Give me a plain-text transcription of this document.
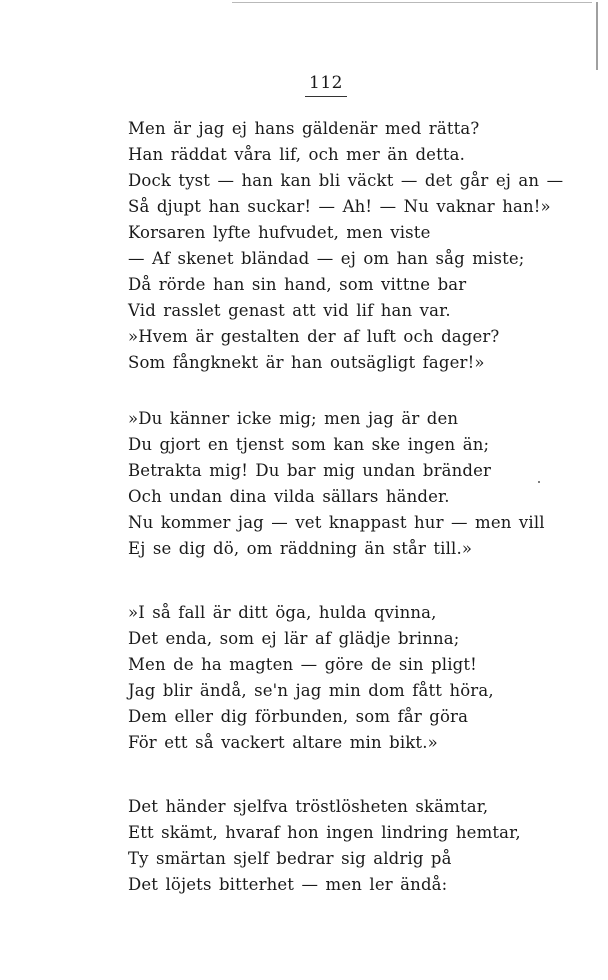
112
Men är jag ej hans gäldenär med rätta?
Han räddat våra lif, och mer än detta.
Dock tyst — han kan bli väckt — det går ej an —
Så djupt han suckar! — Ah! — Nu vaknar han!»
Korsaren lyfte hufvudet, men viste
— Af skenet bländad — ej om han såg miste;
Då rörde han sin hand, som vittne bar
Vid rasslet genast att vid lif han var.
»Hvem är gestalten der af luft och dager?
Som fångknekt är han outsägligt fager!»
»Du känner icke mig; men jag är den
Du gjort en tjenst som kan ske ingen än;
Betrakta mig! Du bar mig undan bränder
Och undan dina vilda sällars händer.
Nu kommer jag — vet knappast hur — men vill
Ej se dig dö, om räddning än står till.»
»I så fall är ditt öga, hulda qvinna,
Det enda, som ej lär af glädje brinna;
Men de ha magten — göre de sin pligt!
Jag blir ändå, se'n jag min dom fått höra,
Dem eller dig förbunden, som får göra
För ett så vackert altare min bikt.»
Det händer sjelfva tröstlösheten skämtar,
Ett skämt, hvaraf hon ingen lindring hemtar,
Ty smärtan sjelf bedrar sig aldrig på
Det löjets bitterhet — men ler ändå:
